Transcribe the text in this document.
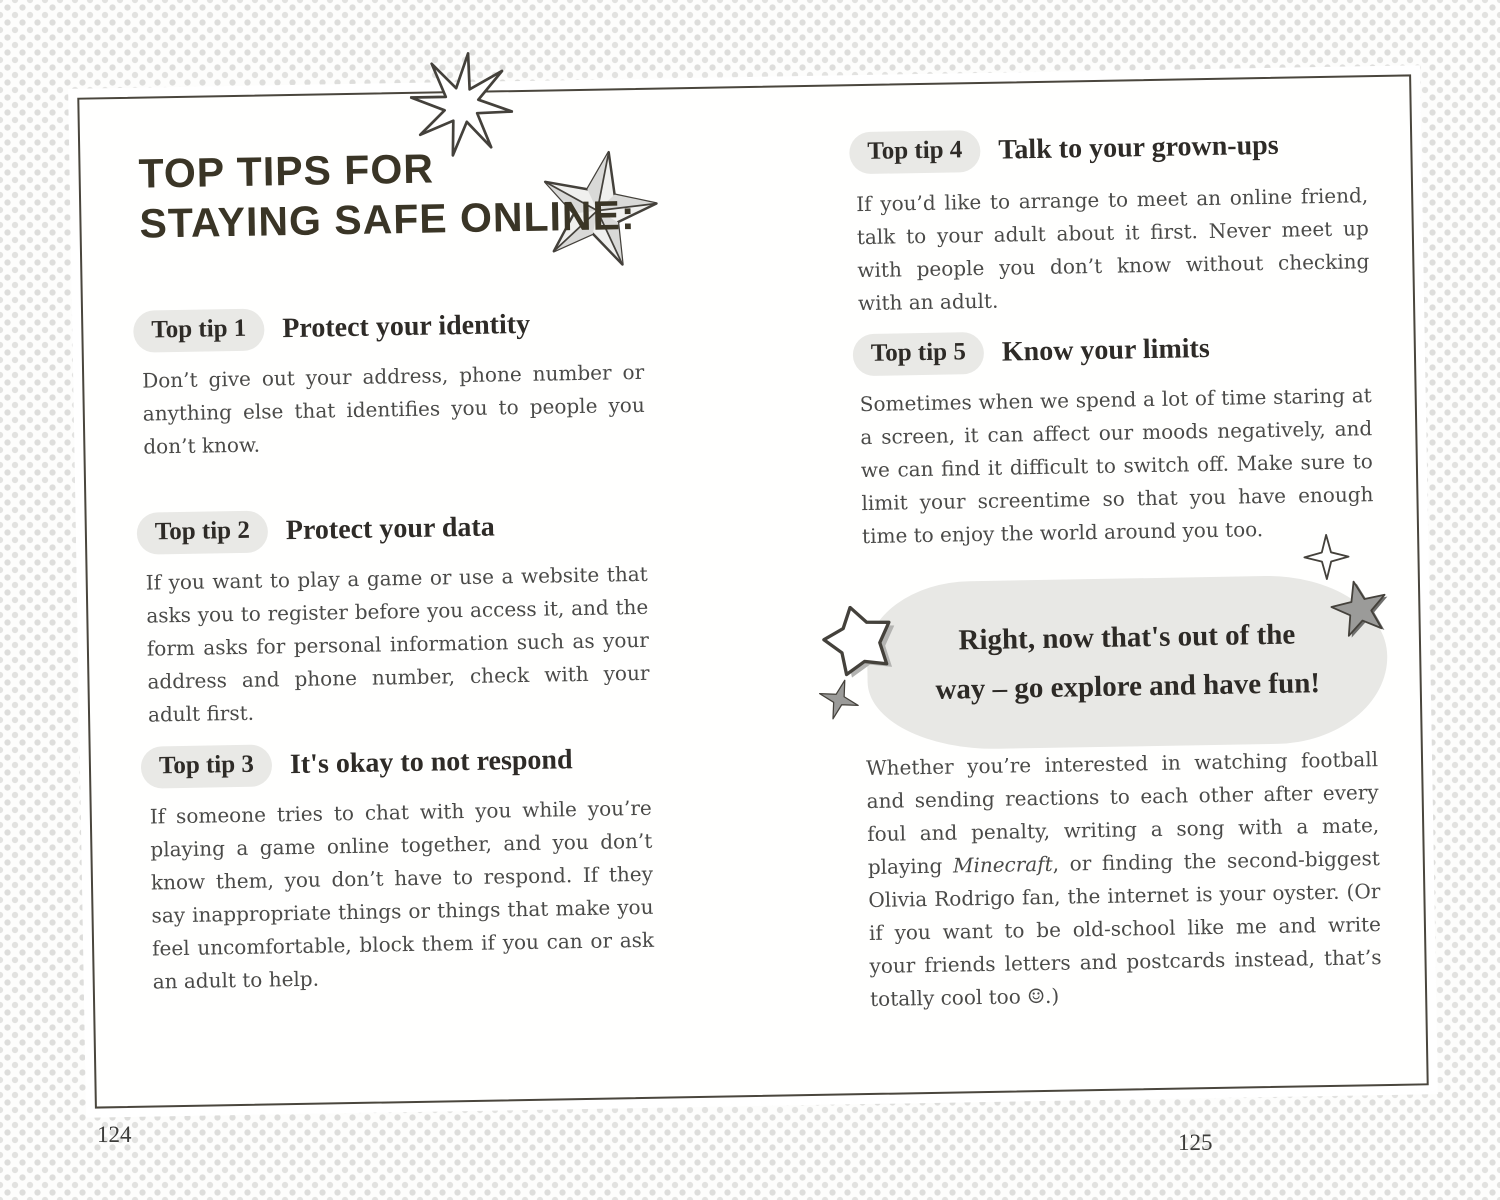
TOP TIPS FOR
STAYING SAFE ONLINE:
Top tip 1	Protect your identity

Don’t give out your address, phone number or anything else that identifies you to people you don’t know.

Top tip 2	Protect your data

If you want to play a game or use a website that asks you to register before you access it, and the form asks for personal information such as your address and phone number, check with your adult first.

Top tip 3	It's okay to not respond

If someone tries to chat with you while you’re playing a game online together, and you don’t know them, you don’t have to respond. If they say inappropriate things or things that make you feel uncomfortable, block them if you can or ask an adult to help.

Top tip 4	Talk to your grown-ups

If you’d like to arrange to meet an online friend, talk to your adult about it first. Never meet up with people you don’t know without checking with an adult.

Top tip 5	Know your limits

Sometimes when we spend a lot of time staring at a screen, it can affect our moods negatively, and we can find it difficult to switch off. Make sure to limit your screentime so that you have enough time to enjoy the world around you too.

Right, now that's out of the
way – go explore and have fun!

Whether you’re interested in watching football and sending reactions to each other after every foul and penalty, writing a song with a mate, playing Minecraft, or finding the second-biggest Olivia Rodrigo fan, the internet is your oyster. (Or if you want to be old-school like me and write your friends letters and postcards instead, that’s totally cool too ☺.)

124	125
